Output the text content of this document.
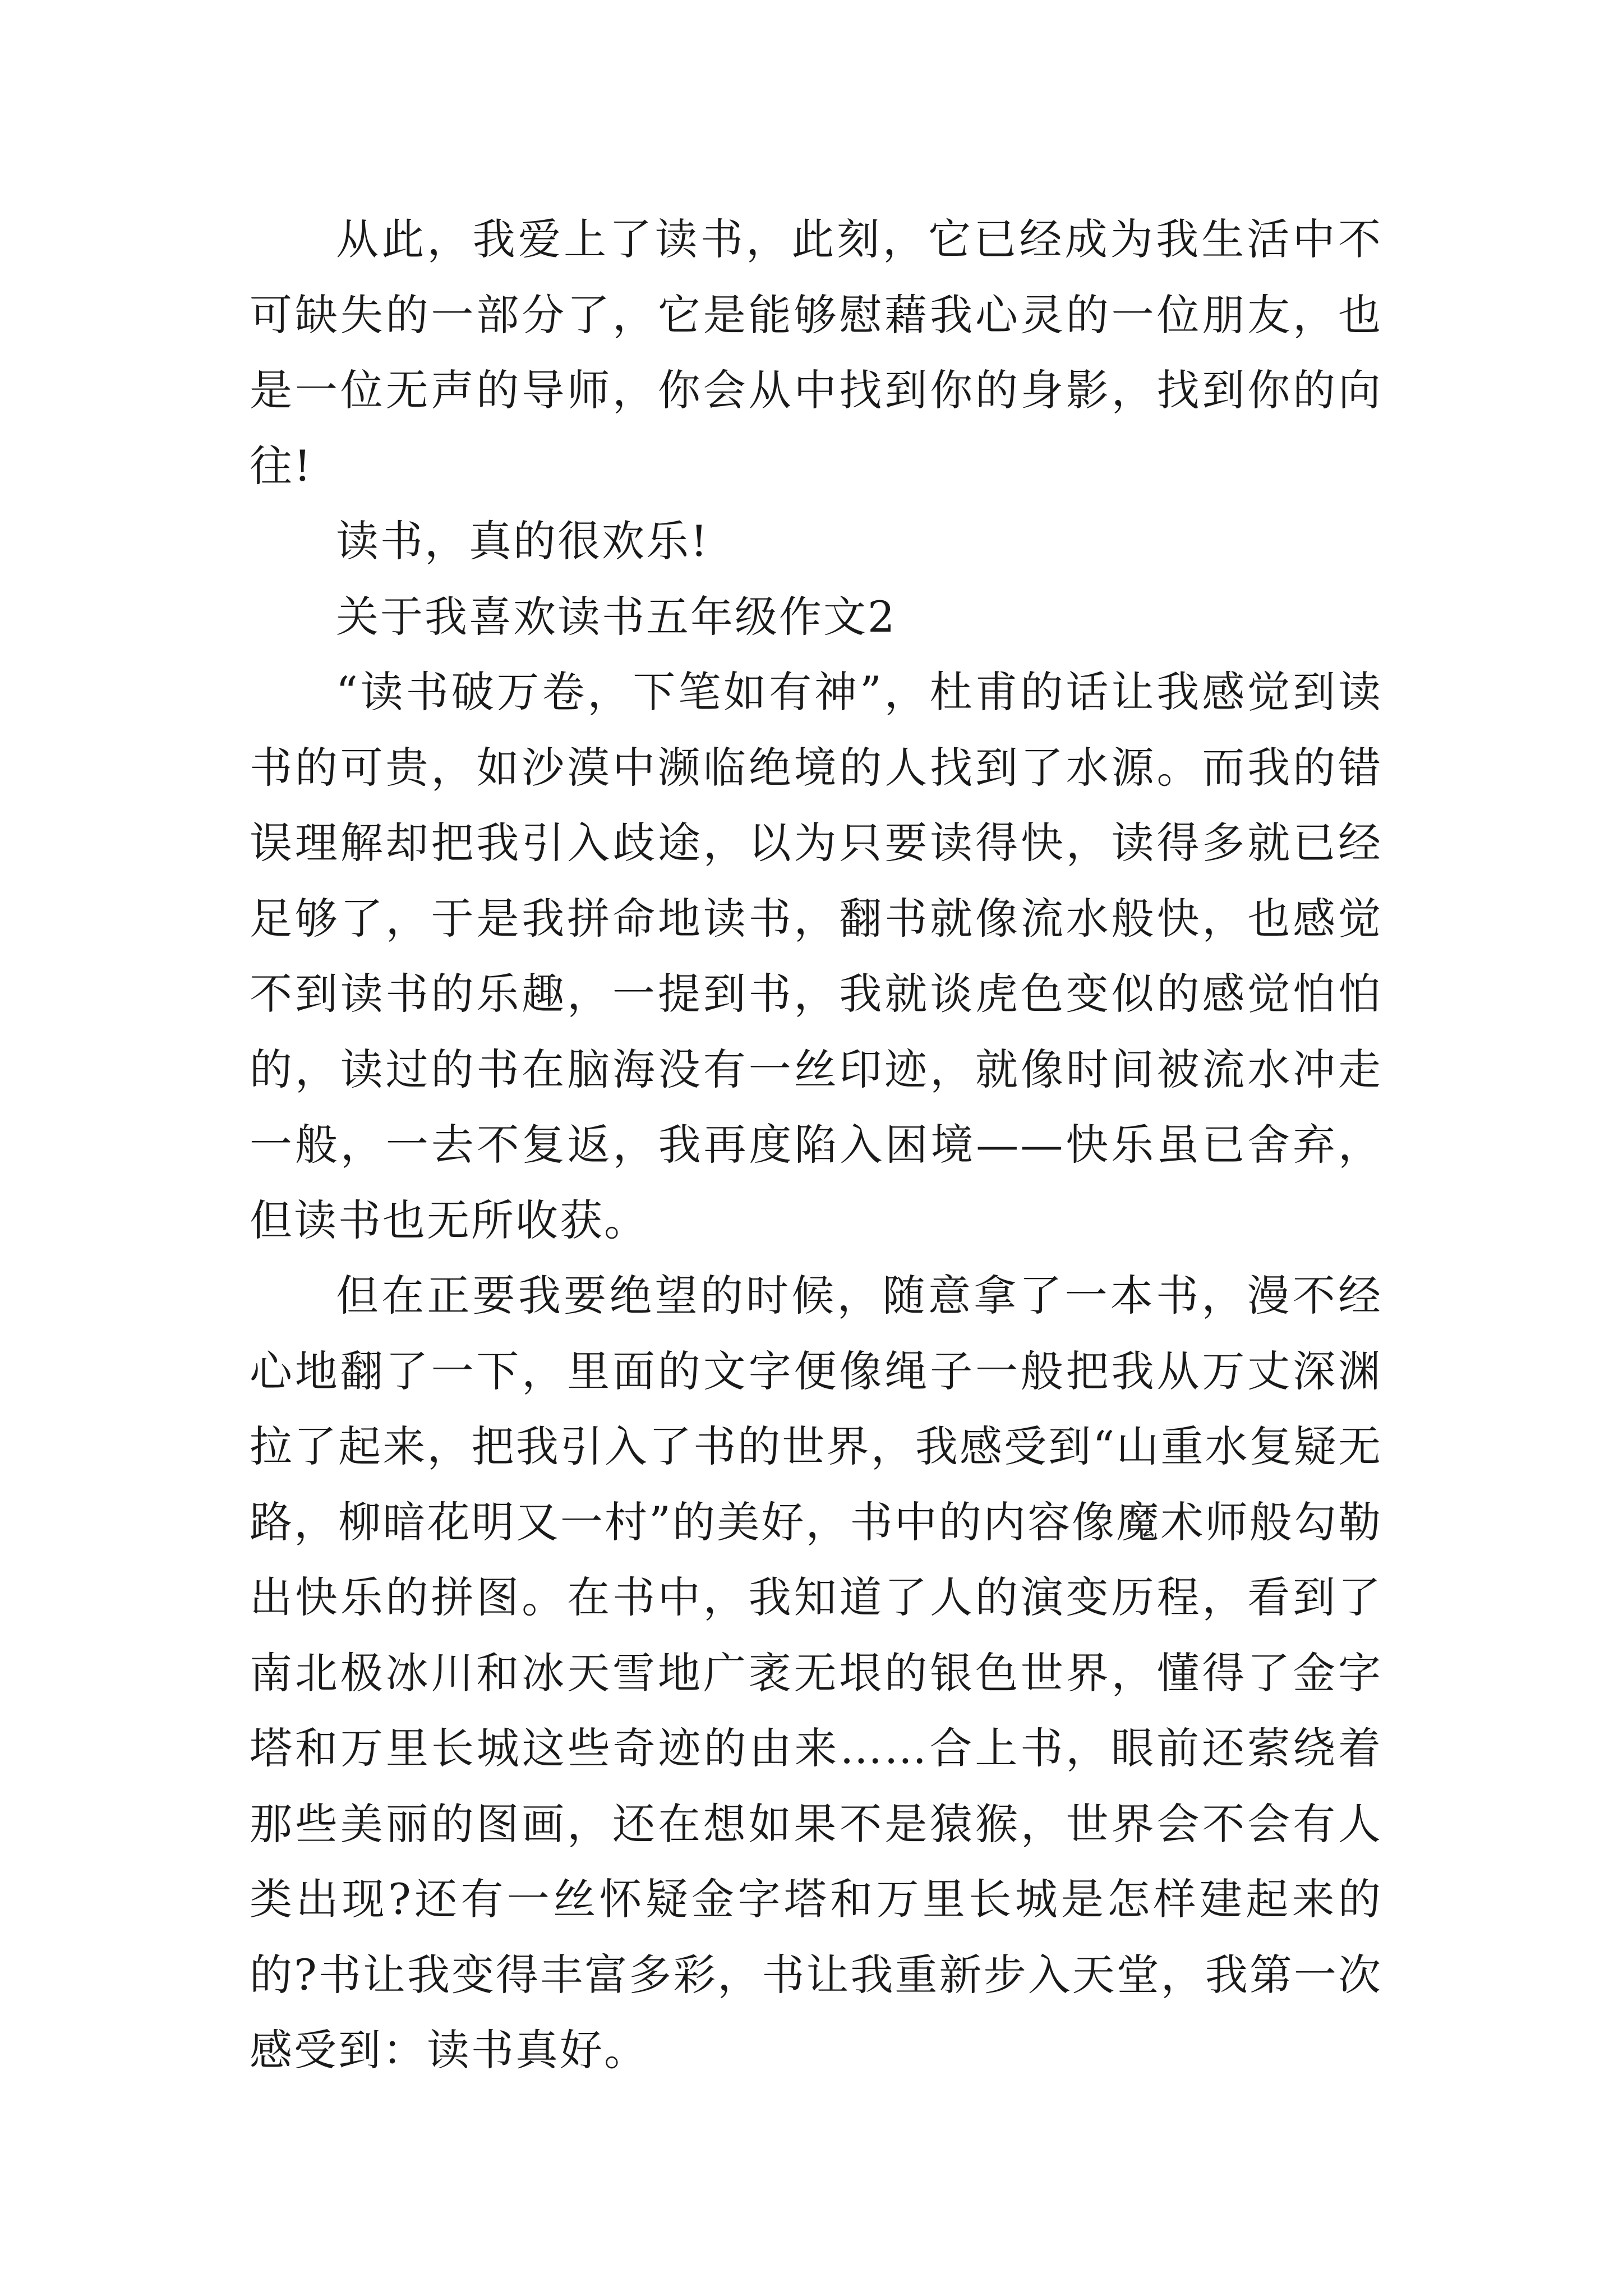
从此，我爱上了读书，此刻，它已经成为我生活中不可缺失的一部分了，它是能够慰藉我心灵的一位朋友，也是一位无声的导师，你会从中找到你的身影，找到你的向往!

读书，真的很欢乐!

关于我喜欢读书五年级作文2

“读书破万卷，下笔如有神”，杜甫的话让我感觉到读书的可贵，如沙漠中濒临绝境的人找到了水源。而我的错误理解却把我引入歧途，以为只要读得快，读得多就已经足够了，于是我拼命地读书，翻书就像流水般快，也感觉不到读书的乐趣，一提到书，我就谈虎色变似的感觉怕怕的，读过的书在脑海没有一丝印迹，就像时间被流水冲走一般，一去不复返，我再度陷入困境——快乐虽已舍弃，但读书也无所收获。

但在正要我要绝望的时候，随意拿了一本书，漫不经心地翻了一下，里面的文字便像绳子一般把我从万丈深渊拉了起来，把我引入了书的世界，我感受到“山重水复疑无路，柳暗花明又一村”的美好，书中的内容像魔术师般勾勒出快乐的拼图。在书中，我知道了人的演变历程，看到了南北极冰川和冰天雪地广袤无垠的银色世界，懂得了金字塔和万里长城这些奇迹的由来……合上书，眼前还萦绕着那些美丽的图画，还在想如果不是猿猴，世界会不会有人类出现?还有一丝怀疑金字塔和万里长城是怎样建起来的的?书让我变得丰富多彩，书让我重新步入天堂，我第一次感受到：读书真好。
